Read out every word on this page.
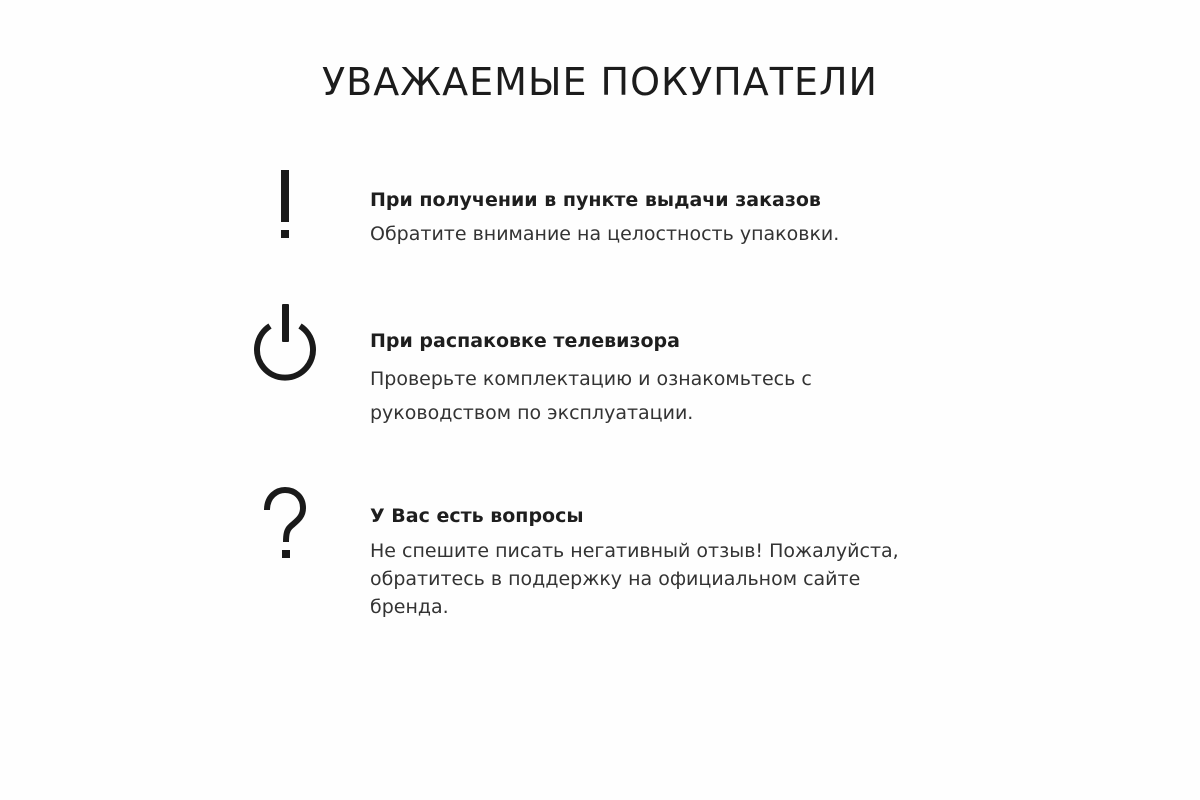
УВАЖАЕМЫЕ ПОКУПАТЕЛИ

При получении в пункте выдачи заказов

Обратите внимание на целостность упаковки.

При распаковке телевизора

Проверьте комплектацию и ознакомьтесь с руководством по эксплуатации.

У Вас есть вопросы

Не спешите писать негативный отзыв! Пожалуйста, обратитесь в поддержку на официальном сайте бренда.
